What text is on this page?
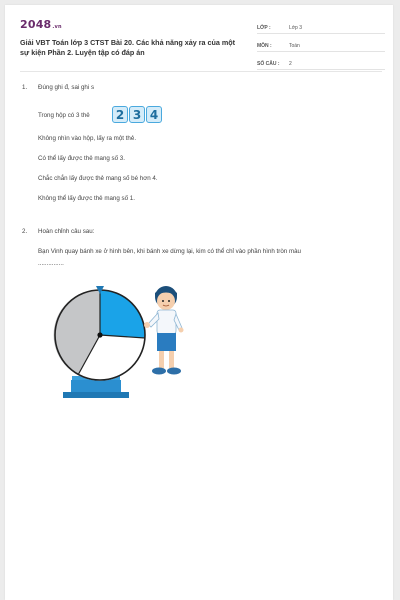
2048.vn
Giải VBT Toán lớp 3 CTST Bài 20. Các khả năng xảy ra của một sự kiện Phần 2. Luyện tập có đáp án
LỚP :	Lớp 3
MÔN :	Toán
SỐ CÂU :	2
1. Đúng ghi đ, sai ghi s
Trong hộp có 3 thẻ	2 3 4
Không nhìn vào hộp, lấy ra một thẻ.
Có thể lấy được thẻ mang số 3.
Chắc chắn lấy được thẻ mang số bé hơn 4.
Không thể lấy được thẻ mang số 1.
2. Hoàn chỉnh câu sau:
Bạn Vinh quay bánh xe ở hình bên, khi bánh xe dừng lại, kim có thể chỉ vào phần hình tròn màu
...............
